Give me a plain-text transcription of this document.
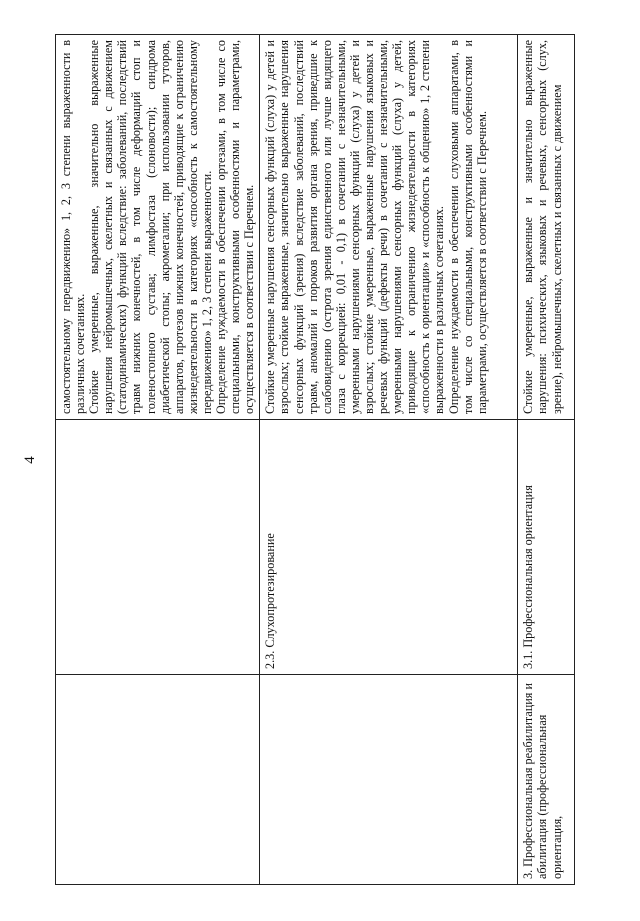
4

		самостоятельному передвижению» 1, 2, 3 степени выраженности в различных сочетаниях. Стойкие умеренные, выраженные, значительно выраженные нарушения нейромышечных, скелетных и связанных с движением (статодинамических) функций вследствие: заболеваний, последствий травм нижних конечностей, в том числе деформаций стоп и голеностопного сустава; лимфостаза (слоновости); синдрома диабетической стопы; акромегалии; при использовании туторов, аппаратов, протезов нижних конечностей, приводящие к ограничению жизнедеятельности в категориях «способность к самостоятельному передвижению» 1, 2, 3 степени выраженности. Определение нуждаемости в обеспечении ортезами, в том числе со специальными, конструктивными особенностями и параметрами, осуществляется в соответствии с Перечнем.

	2.3. Слухопротезирование	Стойкие умеренные нарушения сенсорных функций (слуха) у детей и взрослых; стойкие выраженные, значительно выраженные нарушения сенсорных функций (зрения) вследствие заболеваний, последствий травм, аномалий и пороков развития органа зрения, приведшие к слабовидению (острота зрения единственного или лучше видящего глаза с коррекцией: 0,01 - 0,1) в сочетании с незначительными, умеренными нарушениями сенсорных функций (слуха) у детей и взрослых; стойкие умеренные, выраженные нарушения языковых и речевых функций (дефекты речи) в сочетании с незначительными, умеренными нарушениями сенсорных функций (слуха) у детей, приводящие к ограничению жизнедеятельности в категориях «способность к ориентации» и «способность к общению» 1, 2 степени выраженности в различных сочетаниях. Определение нуждаемости в обеспечении слуховыми аппаратами, в том числе со специальными, конструктивными особенностями и параметрами, осуществляется в соответствии с Перечнем.

3. Профессиональная реабилитация и абилитация (профессиональная ориентация,	3.1. Профессиональная ориентация	Стойкие умеренные, выраженные и значительно выраженные нарушения: психических, языковых и речевых, сенсорных (слух, зрение), нейромышечных, скелетных и связанных с движением
